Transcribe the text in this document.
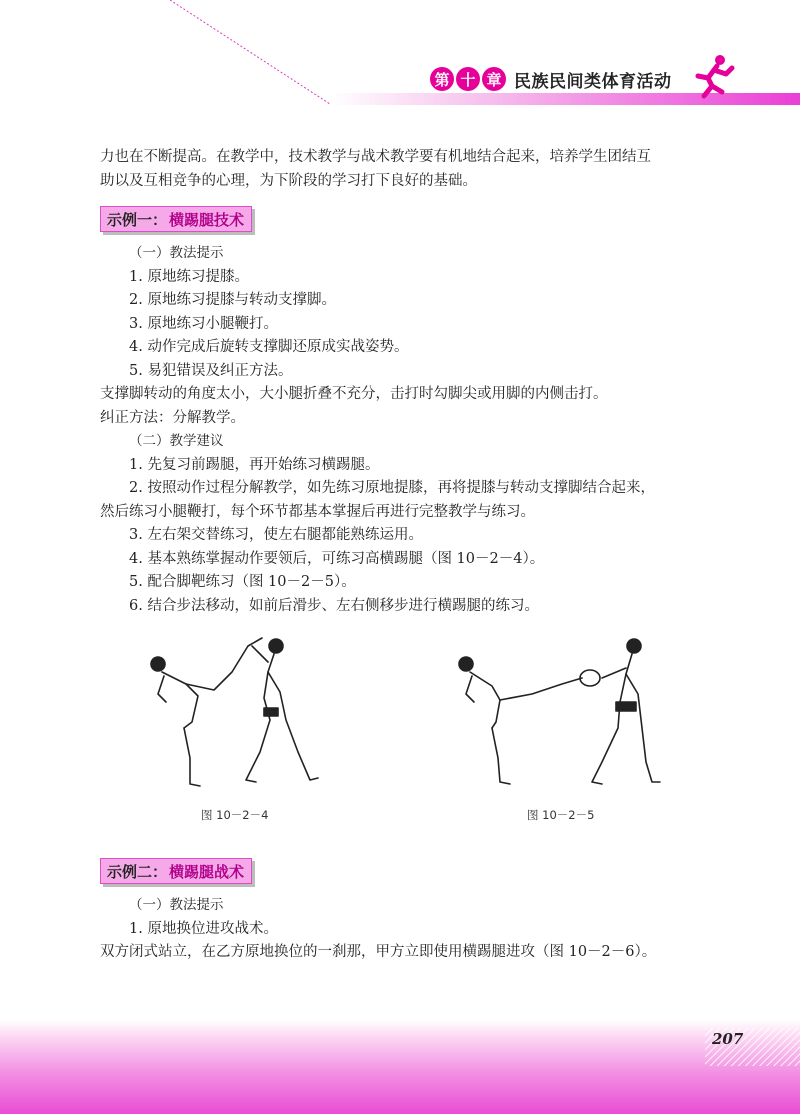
第 十 章 民族民间类体育活动

力也在不断提高。在教学中，技术教学与战术教学要有机地结合起来，培养学生团结互

助以及互相竞争的心理，为下阶段的学习打下良好的基础。

示例一： 横踢腿技术

（一）教法提示

1. 原地练习提膝。

2. 原地练习提膝与转动支撑脚。

3. 原地练习小腿鞭打。

4. 动作完成后旋转支撑脚还原成实战姿势。

5. 易犯错误及纠正方法。

支撑脚转动的角度太小，大小腿折叠不充分，击打时勾脚尖或用脚的内侧击打。

纠正方法：分解教学。

（二）教学建议

1. 先复习前踢腿，再开始练习横踢腿。

2. 按照动作过程分解教学，如先练习原地提膝，再将提膝与转动支撑脚结合起来，

然后练习小腿鞭打，每个环节都基本掌握后再进行完整教学与练习。

3. 左右架交替练习，使左右腿都能熟练运用。

4. 基本熟练掌握动作要领后，可练习高横踢腿（图 10－2－4）。

5. 配合脚靶练习（图 10－2－5）。

6. 结合步法移动，如前后滑步、左右侧移步进行横踢腿的练习。

图 10－2－4	图 10－2－5
示例二： 横踢腿战术

（一）教法提示

1. 原地换位进攻战术。

双方闭式站立，在乙方原地换位的一刹那，甲方立即使用横踢腿进攻（图 10－2－6）。

207
